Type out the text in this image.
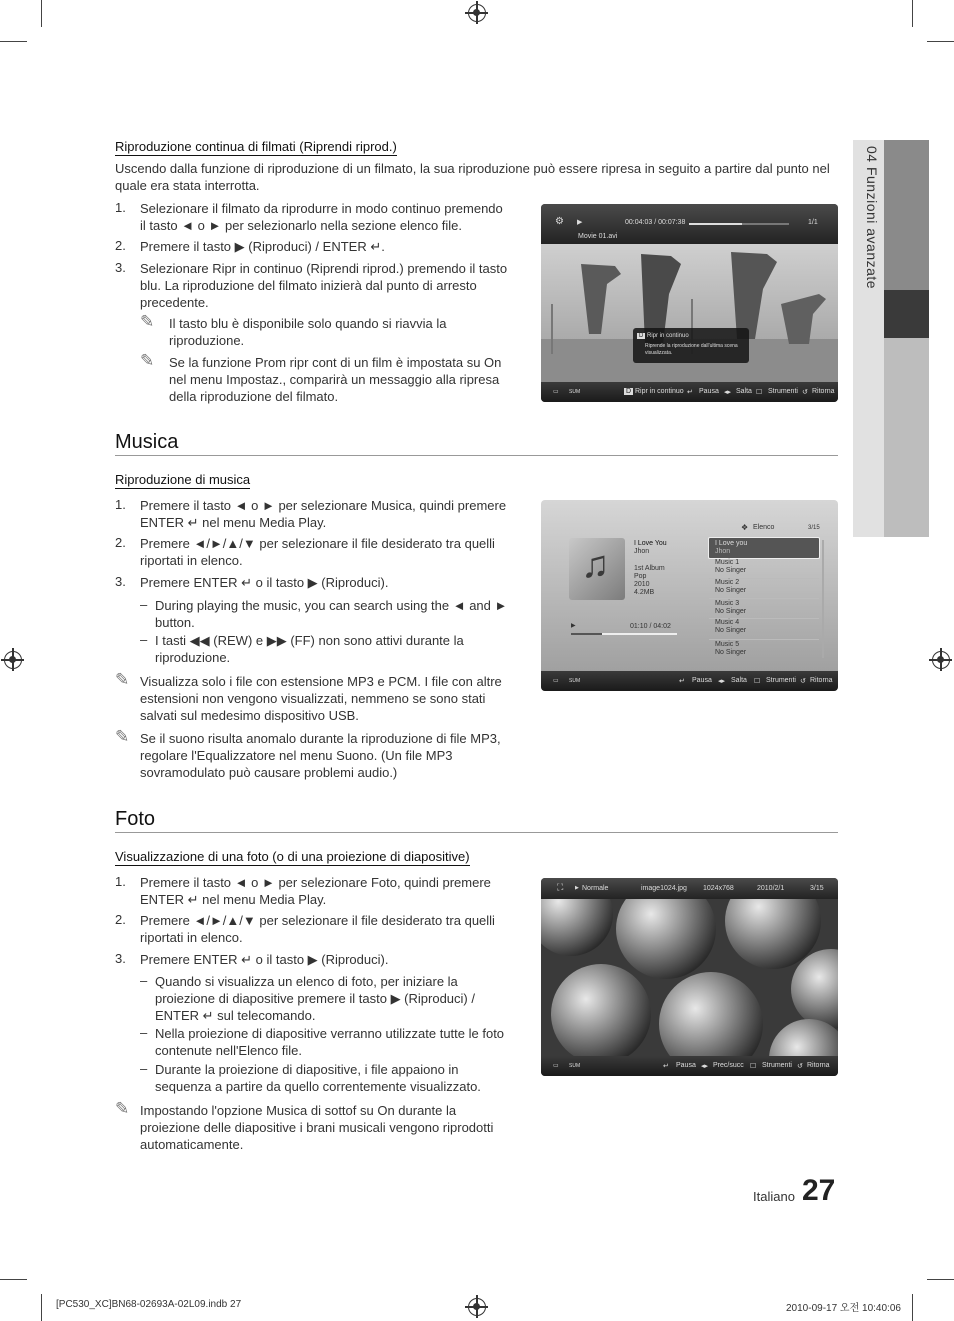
04 Funzioni avanzate
Riproduzione continua di filmati (Riprendi riprod.)
Uscendo dalla funzione di riproduzione di un filmato, la sua riproduzione può essere ripresa in seguito a partire dal punto nel quale era stata interrotta.
1. Selezionare il filmato da riprodurre in modo continuo premendo il tasto ◄ o ► per selezionarlo nella sezione elenco file.
2. Premere il tasto ▶ (Riproduci) / ENTER ↵.
3. Selezionare Ripr in continuo (Riprendi riprod.) premendo il tasto blu. La riproduzione del filmato inizierà dal punto di arresto precedente.
✎ Il tasto blu è disponibile solo quando si riavvia la riproduzione.
✎ Se la funzione Prom ripr cont di un film è impostata su On nel menu Impostaz., comparirà un messaggio alla ripresa della riproduzione del filmato.
⚙ ▶	00:04:03 / 00:07:38	1/1
Movie 01.avi
D Ripr in continuo
Riprende la riproduzione dall'ultima scena visualizzata.
▭ SUM	D Ripr in continuo ↵ Pausa ◂▸ Salta ☐ Strumenti ↺ Ritorna
Musica
Riproduzione di musica
1. Premere il tasto ◄ o ► per selezionare Musica, quindi premere ENTER ↵ nel menu Media Play.
2. Premere ◄/►/▲/▼ per selezionare il file desiderato tra quelli riportati in elenco.
3. Premere ENTER ↵ o il tasto ▶ (Riproduci).
– During playing the music, you can search using the ◄ and ► button.
– I tasti ◀◀ (REW) e ▶▶ (FF) non sono attivi durante la riproduzione.
✎ Visualizza solo i file con estensione MP3 e PCM. I file con altre estensioni non vengono visualizzati, nemmeno se sono stati salvati sul medesimo dispositivo USB.
✎ Se il suono risulta anomalo durante la riproduzione di file MP3, regolare l'Equalizzatore nel menu Suono. (Un file MP3 sovramodulato può causare problemi audio.)
❖ Elenco	3/15
♫
I Love You
Jhon
1st Album
Pop
2010
4.2MB
▶	01:10 / 04:02
I Love you
Jhon
Music 1
No Singer
Music 2
No Singer
Music 3
No Singer
Music 4
No Singer
Music 5
No Singer
▭ SUM	↵ Pausa ◂▸ Salta ☐ Strumenti ↺ Ritorna
Foto
Visualizzazione di una foto (o di una proiezione di diapositive)
1. Premere il tasto ◄ o ► per selezionare Foto, quindi premere ENTER ↵ nel menu Media Play.
2. Premere ◄/►/▲/▼ per selezionare il file desiderato tra quelli riportati in elenco.
3. Premere ENTER ↵ o il tasto ▶ (Riproduci).
– Quando si visualizza un elenco di foto, per iniziare la proiezione di diapositive premere il tasto ▶ (Riproduci) / ENTER ↵ sul telecomando.
– Nella proiezione di diapositive verranno utilizzate tutte le foto contenute nell'Elenco file.
– Durante la proiezione di diapositive, i file appaiono in sequenza a partire da quello correntemente visualizzato.
✎ Impostando l'opzione Musica di sottof su On durante la proiezione delle diapositive i brani musicali vengono riprodotti automaticamente.
⛶ ▶ Normale	image1024.jpg 1024x768	2010/2/1	3/15
▭ SUM	↵ Pausa ◂▸ Prec/succ ☐ Strumenti ↺ Ritorna
Italiano 27
[PC530_XC]BN68-02693A-02L09.indb 27	2010-09-17 오전 10:40:06
